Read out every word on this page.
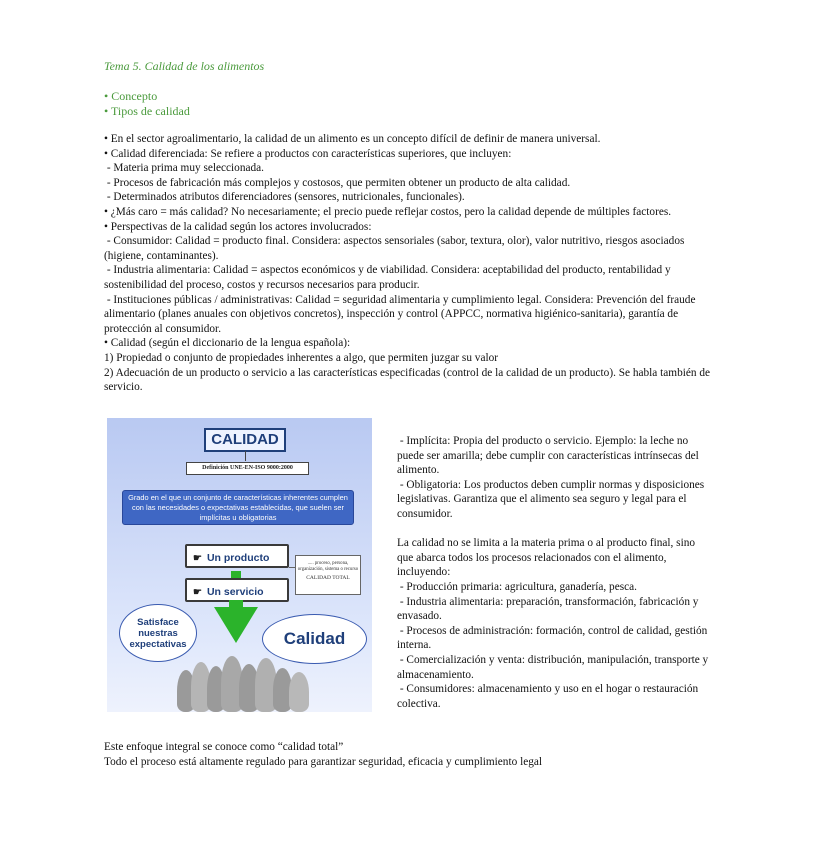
Tema 5. Calidad de los alimentos
• Concepto
• Tipos de calidad
• En el sector agroalimentario, la calidad de un alimento es un concepto difícil de definir de manera universal.
• Calidad diferenciada: Se refiere a productos con características superiores, que incluyen:
- Materia prima muy seleccionada.
- Procesos de fabricación más complejos y costosos, que permiten obtener un producto de alta calidad.
- Determinados atributos diferenciadores (sensores, nutricionales, funcionales).
• ¿Más caro = más calidad? No necesariamente; el precio puede reflejar costos, pero la calidad depende de múltiples factores.
• Perspectivas de la calidad según los actores involucrados:
- Consumidor: Calidad = producto final. Considera: aspectos sensoriales (sabor, textura, olor), valor nutritivo, riesgos asociados (higiene, contaminantes).
- Industria alimentaria: Calidad = aspectos económicos y de viabilidad. Considera: aceptabilidad del producto, rentabilidad y sostenibilidad del proceso, costos y recursos necesarios para producir.
- Instituciones públicas / administrativas: Calidad = seguridad alimentaria y cumplimiento legal. Considera: Prevención del fraude alimentario (planes anuales con objetivos concretos), inspección y control (APPCC, normativa higiénico-sanitaria), garantía de protección al consumidor.
• Calidad (según el diccionario de la lengua española):
1) Propiedad o conjunto de propiedades inherentes a algo, que permiten juzgar su valor
2) Adecuación de un producto o servicio a las características especificadas (control de la calidad de un producto). Se habla también de servicio.
CALIDAD
Definición UNE-EN-ISO 9000:2000
Grado en el que un conjunto de características inherentes cumplen con las necesidades o expectativas establecidas, que suelen ser implícitas u obligatorias
☛ Un producto
☛ Un servicio
..... proceso, persona, organización, sistema o recurso
CALIDAD TOTAL
Satisface nuestras expectativas	Calidad
- Implícita: Propia del producto o servicio. Ejemplo: la leche no puede ser amarilla; debe cumplir con características intrínsecas del alimento.
- Obligatoria: Los productos deben cumplir normas y disposiciones legislativas. Garantiza que el alimento sea seguro y legal para el consumidor.
La calidad no se limita a la materia prima o al producto final, sino que abarca todos los procesos relacionados con el alimento, incluyendo:
- Producción primaria: agricultura, ganadería, pesca.
- Industria alimentaria: preparación, transformación, fabricación y envasado.
- Procesos de administración: formación, control de calidad, gestión interna.
- Comercialización y venta: distribución, manipulación, transporte y almacenamiento.
- Consumidores: almacenamiento y uso en el hogar o restauración colectiva.
Este enfoque integral se conoce como “calidad total”
Todo el proceso está altamente regulado para garantizar seguridad, eficacia y cumplimiento legal
